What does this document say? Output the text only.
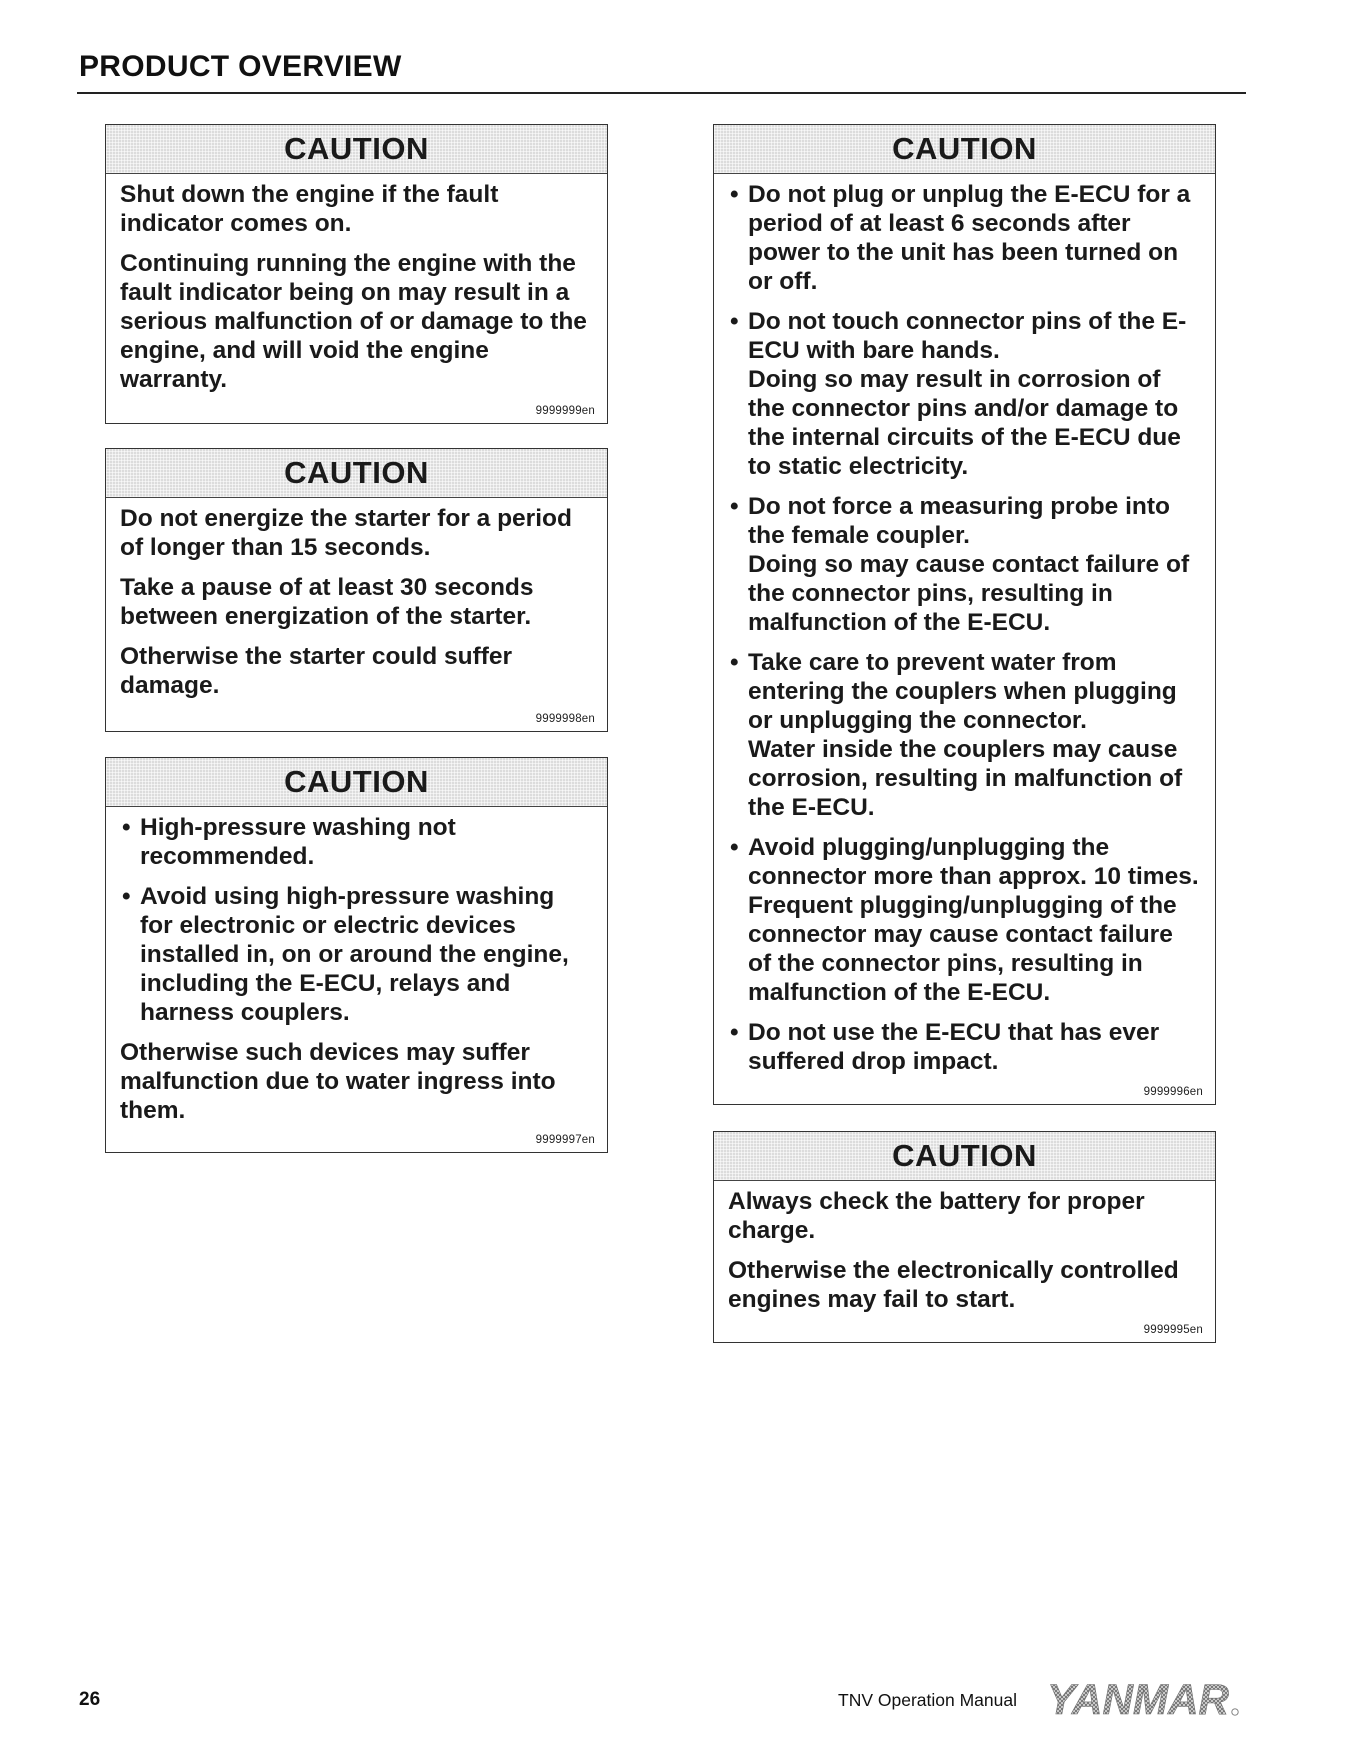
PRODUCT OVERVIEW
CAUTION

Shut down the engine if the fault indicator comes on.

Continuing running the engine with the fault indicator being on may result in a serious malfunction of or damage to the engine, and will void the engine warranty.

9999999en
CAUTION

Do not energize the starter for a period of longer than 15 seconds.

Take a pause of at least 30 seconds between energization of the starter.

Otherwise the starter could suffer damage.

9999998en
CAUTION
• High-pressure washing not recommended.
• Avoid using high-pressure washing for electronic or electric devices installed in, on or around the engine, including the E-ECU, relays and harness couplers.

Otherwise such devices may suffer malfunction due to water ingress into them.

9999997en
CAUTION
• Do not plug or unplug the E-ECU for a period of at least 6 seconds after power to the unit has been turned on or off.
• Do not touch connector pins of the E-ECU with bare hands.
Doing so may result in corrosion of the connector pins and/or damage to the internal circuits of the E-ECU due to static electricity.
• Do not force a measuring probe into the female coupler.
Doing so may cause contact failure of the connector pins, resulting in malfunction of the E-ECU.
• Take care to prevent water from entering the couplers when plugging or unplugging the connector.
Water inside the couplers may cause corrosion, resulting in malfunction of the E-ECU.
• Avoid plugging/unplugging the connector more than approx. 10 times.
Frequent plugging/unplugging of the connector may cause contact failure of the connector pins, resulting in malfunction of the E-ECU.
• Do not use the E-ECU that has ever suffered drop impact.
9999996en
CAUTION

Always check the battery for proper charge.

Otherwise the electronically controlled engines may fail to start.

9999995en
26	TNV Operation Manual YANMAR
